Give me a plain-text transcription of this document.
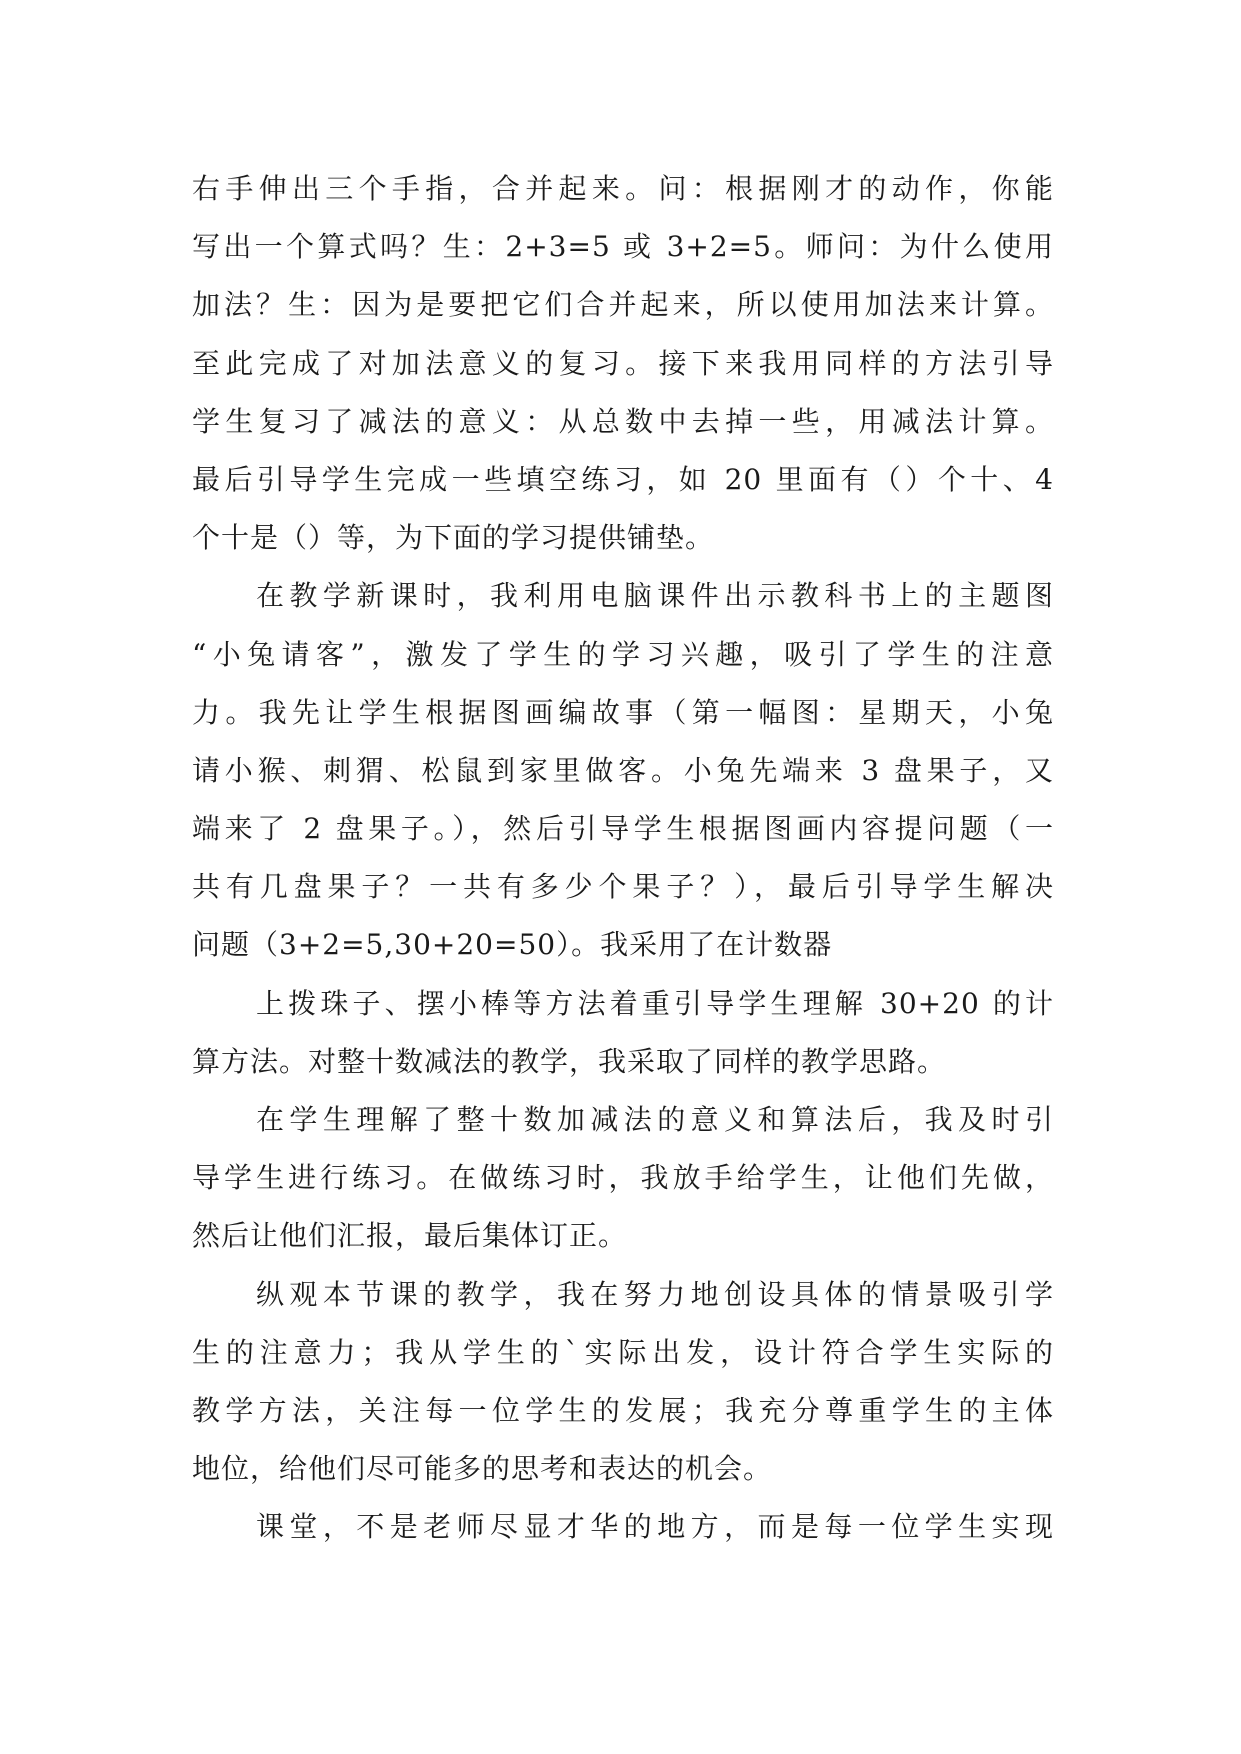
右手伸出三个手指，合并起来。问：根据刚才的动作，你能
写出一个算式吗？生：2+3=5 或 3+2=5。师问：为什么使用
加法？生：因为是要把它们合并起来，所以使用加法来计算。
至此完成了对加法意义的复习。接下来我用同样的方法引导
学生复习了减法的意义：从总数中去掉一些，用减法计算。
最后引导学生完成一些填空练习，如 20 里面有（）个十、4
个十是（）等，为下面的学习提供铺垫。

在教学新课时，我利用电脑课件出示教科书上的主题图
“小兔请客”，激发了学生的学习兴趣，吸引了学生的注意
力。我先让学生根据图画编故事（第一幅图：星期天，小兔
请小猴、刺猬、松鼠到家里做客。小兔先端来 3 盘果子，又
端来了 2 盘果子。），然后引导学生根据图画内容提问题（一
共有几盘果子？一共有多少个果子？），最后引导学生解决
问题（3+2=5,30+20=50）。我采用了在计数器

上拨珠子、摆小棒等方法着重引导学生理解 30+20 的计
算方法。对整十数减法的教学，我采取了同样的教学思路。

在学生理解了整十数加减法的意义和算法后，我及时引
导学生进行练习。在做练习时，我放手给学生，让他们先做，
然后让他们汇报，最后集体订正。

纵观本节课的教学，我在努力地创设具体的情景吸引学
生的注意力；我从学生的`实际出发，设计符合学生实际的
教学方法，关注每一位学生的发展；我充分尊重学生的主体
地位，给他们尽可能多的思考和表达的机会。

课堂，不是老师尽显才华的地方，而是每一位学生实现
